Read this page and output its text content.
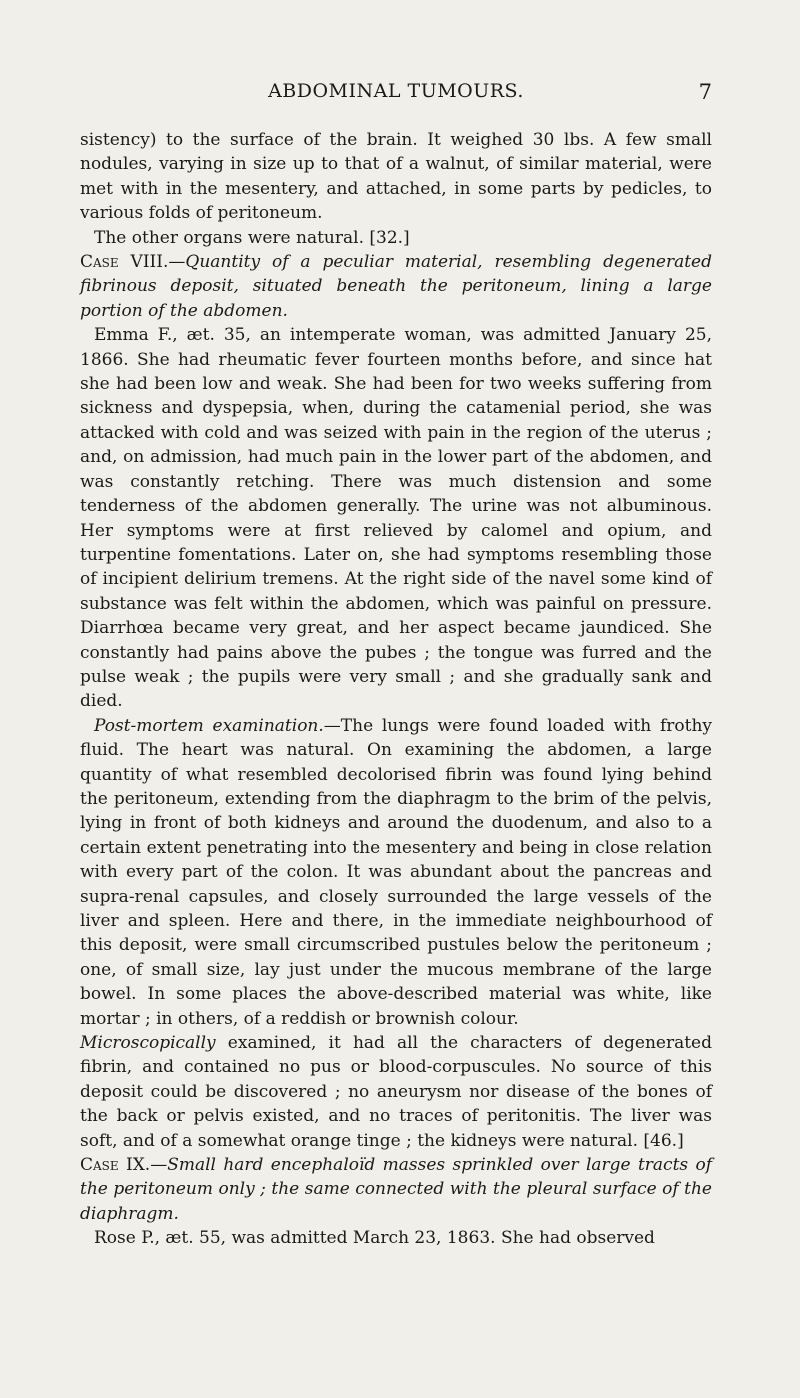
ABDOMINAL TUMOURS.	7

sistency) to the surface of the brain. It weighed 30 lbs. A few small nodules, varying in size up to that of a walnut, of similar material, were met with in the mesentery, and attached, in some parts by pedicles, to various folds of peritoneum.

The other organs were natural. [32.]

Case VIII.—Quantity of a peculiar material, resembling degenerated fibrinous deposit, situated beneath the peritoneum, lining a large portion of the abdomen.

Emma F., æt. 35, an intemperate woman, was admitted January 25, 1866. She had rheumatic fever fourteen months before, and since hat she had been low and weak. She had been for two weeks suffering from sickness and dyspepsia, when, during the catamenial period, she was attacked with cold and was seized with pain in the region of the uterus ; and, on admission, had much pain in the lower part of the abdomen, and was constantly retching. There was much distension and some tenderness of the abdomen generally. The urine was not albuminous. Her symptoms were at first relieved by calomel and opium, and turpentine fomentations. Later on, she had symptoms resembling those of incipient delirium tremens. At the right side of the navel some kind of substance was felt within the abdomen, which was painful on pressure. Diarrhœa became very great, and her aspect became jaundiced. She constantly had pains above the pubes ; the tongue was furred and the pulse weak ; the pupils were very small ; and she gradually sank and died.

Post-mortem examination.—The lungs were found loaded with frothy fluid. The heart was natural. On examining the abdomen, a large quantity of what resembled decolorised fibrin was found lying behind the peritoneum, extending from the diaphragm to the brim of the pelvis, lying in front of both kidneys and around the duodenum, and also to a certain extent penetrating into the mesentery and being in close relation with every part of the colon. It was abundant about the pancreas and supra-renal capsules, and closely surrounded the large vessels of the liver and spleen. Here and there, in the immediate neighbourhood of this deposit, were small circumscribed pustules below the peritoneum ; one, of small size, lay just under the mucous membrane of the large bowel. In some places the above-described material was white, like mortar ; in others, of a reddish or brownish colour.

Microscopically examined, it had all the characters of degenerated fibrin, and contained no pus or blood-corpuscules. No source of this deposit could be discovered ; no aneurysm nor disease of the bones of the back or pelvis existed, and no traces of peritonitis. The liver was soft, and of a somewhat orange tinge ; the kidneys were natural. [46.]

Case IX.—Small hard encephaloïd masses sprinkled over large tracts of the peritoneum only ; the same connected with the pleural surface of the diaphragm.

Rose P., æt. 55, was admitted March 23, 1863. She had observed
